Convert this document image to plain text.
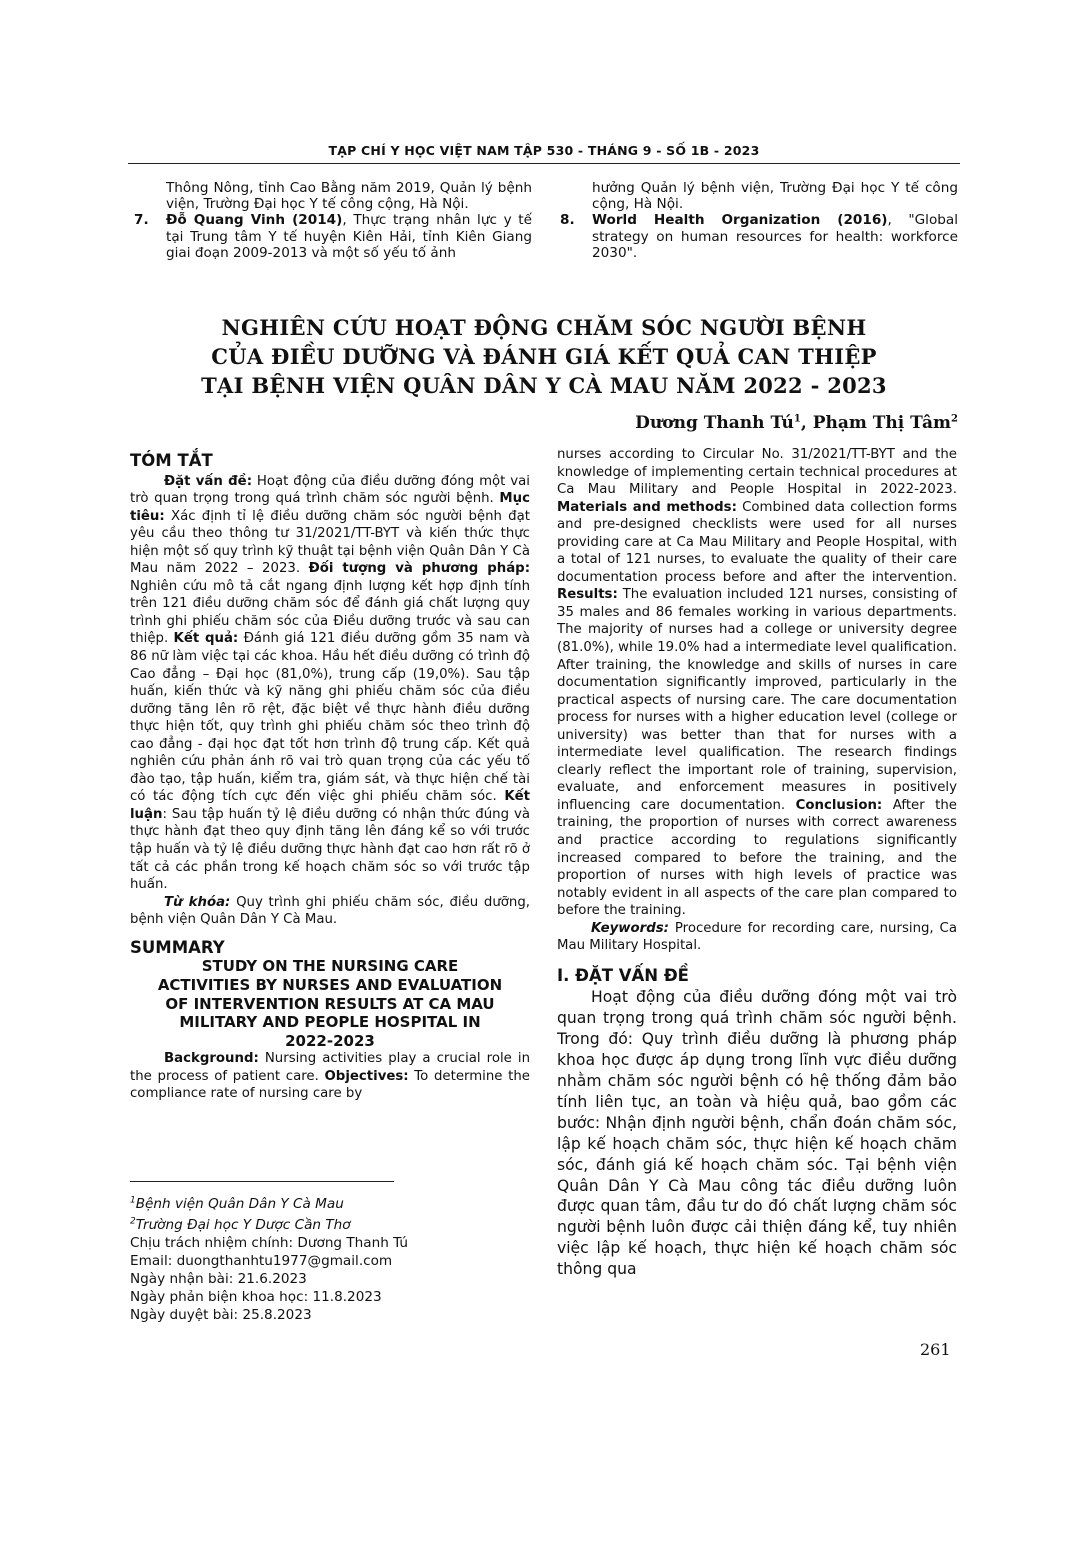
TẠP CHÍ Y HỌC VIỆT NAM TẬP 530 - THÁNG 9 - SỐ 1B - 2023
Thông Nông, tỉnh Cao Bằng năm 2019, Quản lý bệnh viện, Trường Đại học Y tế công cộng, Hà Nội.
7.	Đỗ Quang Vinh (2014), Thực trạng nhân lực y tế tại Trung tâm Y tế huyện Kiên Hải, tỉnh Kiên Giang giai đoạn 2009-2013 và một số yếu tố ảnh
hưởng Quản lý bệnh viện, Trường Đại học Y tế công cộng, Hà Nội.
8.	World Health Organization (2016), "Global strategy on human resources for health: workforce 2030".
NGHIÊN CỨU HOẠT ĐỘNG CHĂM SÓC NGƯỜI BỆNH
CỦA ĐIỀU DƯỠNG VÀ ĐÁNH GIÁ KẾT QUẢ CAN THIỆP
TẠI BỆNH VIỆN QUÂN DÂN Y CÀ MAU NĂM 2022 - 2023
Dương Thanh $Tú^1$, Phạm Thị Tâm$^2$
TÓM TẮT

Đặt vấn đề: Hoạt động của điều dưỡng đóng một vai trò quan trọng trong quá trình chăm sóc người bệnh. Mục tiêu: Xác định tỉ lệ điều dưỡng chăm sóc người bệnh đạt yêu cầu theo thông tư 31/2021/TT-BYT và kiến thức thực hiện một số quy trình kỹ thuật tại bệnh viện Quân Dân Y Cà Mau năm 2022 – 2023. Đối tượng và phương pháp: Nghiên cứu mô tả cắt ngang định lượng kết hợp định tính trên 121 điều dưỡng chăm sóc để đánh giá chất lượng quy trình ghi phiếu chăm sóc của Điều dưỡng trước và sau can thiệp. Kết quả: Đánh giá 121 điều dưỡng gồm 35 nam và 86 nữ làm việc tại các khoa. Hầu hết điều dưỡng có trình độ Cao đẳng – Đại học (81,0%), trung cấp (19,0%). Sau tập huấn, kiến thức và kỹ năng ghi phiếu chăm sóc của điều dưỡng tăng lên rõ rệt, đặc biệt về thực hành điều dưỡng thực hiện tốt, quy trình ghi phiếu chăm sóc theo trình độ cao đẳng - đại học đạt tốt hơn trình độ trung cấp. Kết quả nghiên cứu phản ánh rõ vai trò quan trọng của các yếu tố đào tạo, tập huấn, kiểm tra, giám sát, và thực hiện chế tài có tác động tích cực đến việc ghi phiếu chăm sóc. Kết luận: Sau tập huấn tỷ lệ điều dưỡng có nhận thức đúng và thực hành đạt theo quy định tăng lên đáng kể so với trước tập huấn và tỷ lệ điều dưỡng thực hành đạt cao hơn rất rõ ở tất cả các phần trong kế hoạch chăm sóc so với trước tập huấn.

Từ khóa: Quy trình ghi phiếu chăm sóc, điều dưỡng, bệnh viện Quân Dân Y Cà Mau.

SUMMARY
STUDY ON THE NURSING CARE
ACTIVITIES BY NURSES AND EVALUATION
OF INTERVENTION RESULTS AT CA MAU
MILITARY AND PEOPLE HOSPITAL IN
2022-2023

Background: Nursing activities play a crucial role in the process of patient care. Objectives: To determine the compliance rate of nursing care by

$^1$Bệnh viện Quân Dân Y Cà Mau
$^2$Trường Đại học Y Dược Cần Thơ
Chịu trách nhiệm chính: Dương Thanh Tú
Email: duongthanhtu1977@gmail.com
Ngày nhận bài: 21.6.2023
Ngày phản biện khoa học: 11.8.2023
Ngày duyệt bài: 25.8.2023

nurses according to Circular No. 31/2021/TT-BYT and the knowledge of implementing certain technical procedures at Ca Mau Military and People Hospital in 2022-2023. Materials and methods: Combined data collection forms and pre-designed checklists were used for all nurses providing care at Ca Mau Military and People Hospital, with a total of 121 nurses, to evaluate the quality of their care documentation process before and after the intervention. Results: The evaluation included 121 nurses, consisting of 35 males and 86 females working in various departments. The majority of nurses had a college or university degree (81.0%), while 19.0% had a intermediate level qualification. After training, the knowledge and skills of nurses in care documentation significantly improved, particularly in the practical aspects of nursing care. The care documentation process for nurses with a higher education level (college or university) was better than that for nurses with a intermediate level qualification. The research findings clearly reflect the important role of training, supervision, evaluate, and enforcement measures in positively influencing care documentation. Conclusion: After the training, the proportion of nurses with correct awareness and practice according to regulations significantly increased compared to before the training, and the proportion of nurses with high levels of practice was notably evident in all aspects of the care plan compared to before the training.

Keywords: Procedure for recording care, nursing, Ca Mau Military Hospital.

I. ĐẶT VẤN ĐỀ

Hoạt động của điều dưỡng đóng một vai trò quan trọng trong quá trình chăm sóc người bệnh. Trong đó: Quy trình điều dưỡng là phương pháp khoa học được áp dụng trong lĩnh vực điều dưỡng nhằm chăm sóc người bệnh có hệ thống đảm bảo tính liên tục, an toàn và hiệu quả, bao gồm các bước: Nhận định người bệnh, chẩn đoán chăm sóc, lập kế hoạch chăm sóc, thực hiện kế hoạch chăm sóc, đánh giá kế hoạch chăm sóc. Tại bệnh viện Quân Dân Y Cà Mau công tác điều dưỡng luôn được quan tâm, đầu tư do đó chất lượng chăm sóc người bệnh luôn được cải thiện đáng kể, tuy nhiên việc lập kế hoạch, thực hiện kế hoạch chăm sóc thông qua

261
